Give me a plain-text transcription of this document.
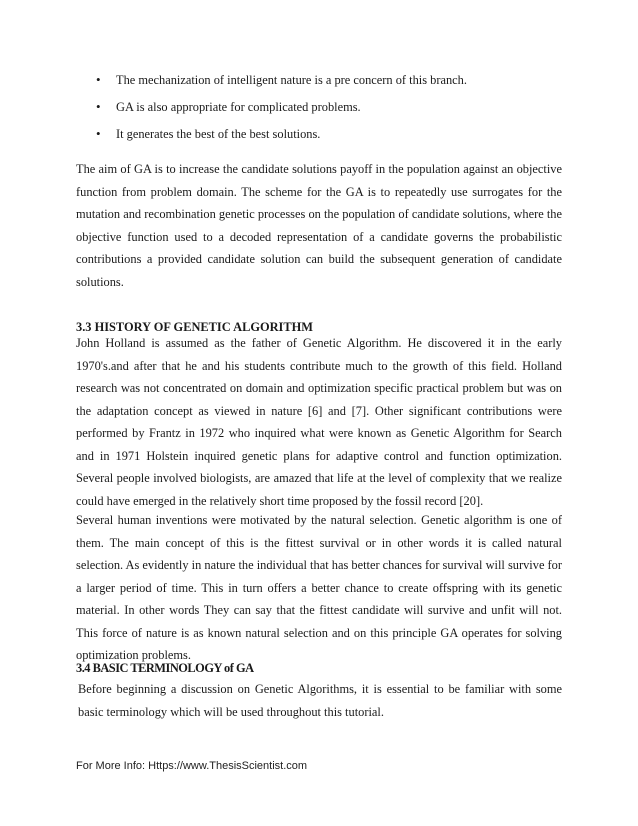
• The mechanization of intelligent nature is a pre concern of this branch.
• GA is also appropriate for complicated problems.
• It generates the best of the best solutions.

The aim of GA is to increase the candidate solutions payoff in the population against an objective function from problem domain. The scheme for the GA is to repeatedly use surrogates for the mutation and recombination genetic processes on the population of candidate solutions, where the objective function used to a decoded representation of a candidate governs the probabilistic contributions a provided candidate solution can build the subsequent generation of candidate solutions.

3.3 HISTORY OF GENETIC ALGORITHM

John Holland is assumed as the father of Genetic Algorithm. He discovered it in the early 1970's.and after that he and his students contribute much to the growth of this field. Holland research was not concentrated on domain and optimization specific practical problem but was on the adaptation concept as viewed in nature [6] and [7]. Other significant contributions were performed by Frantz in 1972 who inquired what were known as Genetic Algorithm for Search and in 1971 Holstein inquired genetic plans for adaptive control and function optimization. Several people involved biologists, are amazed that life at the level of complexity that we realize could have emerged in the relatively short time proposed by the fossil record [20].

Several human inventions were motivated by the natural selection. Genetic algorithm is one of them. The main concept of this is the fittest survival or in other words it is called natural selection. As evidently in nature the individual that has better chances for survival will survive for a larger period of time. This in turn offers a better chance to create offspring with its genetic material. In other words They can say that the fittest candidate will survive and unfit will not. This force of nature is as known natural selection and on this principle GA operates for solving optimization problems.

3.4 BASIC TERMINOLOGY of GA

Before beginning a discussion on Genetic Algorithms, it is essential to be familiar with some basic terminology which will be used throughout this tutorial.

For More Info: Https://www.ThesisScientist.com
